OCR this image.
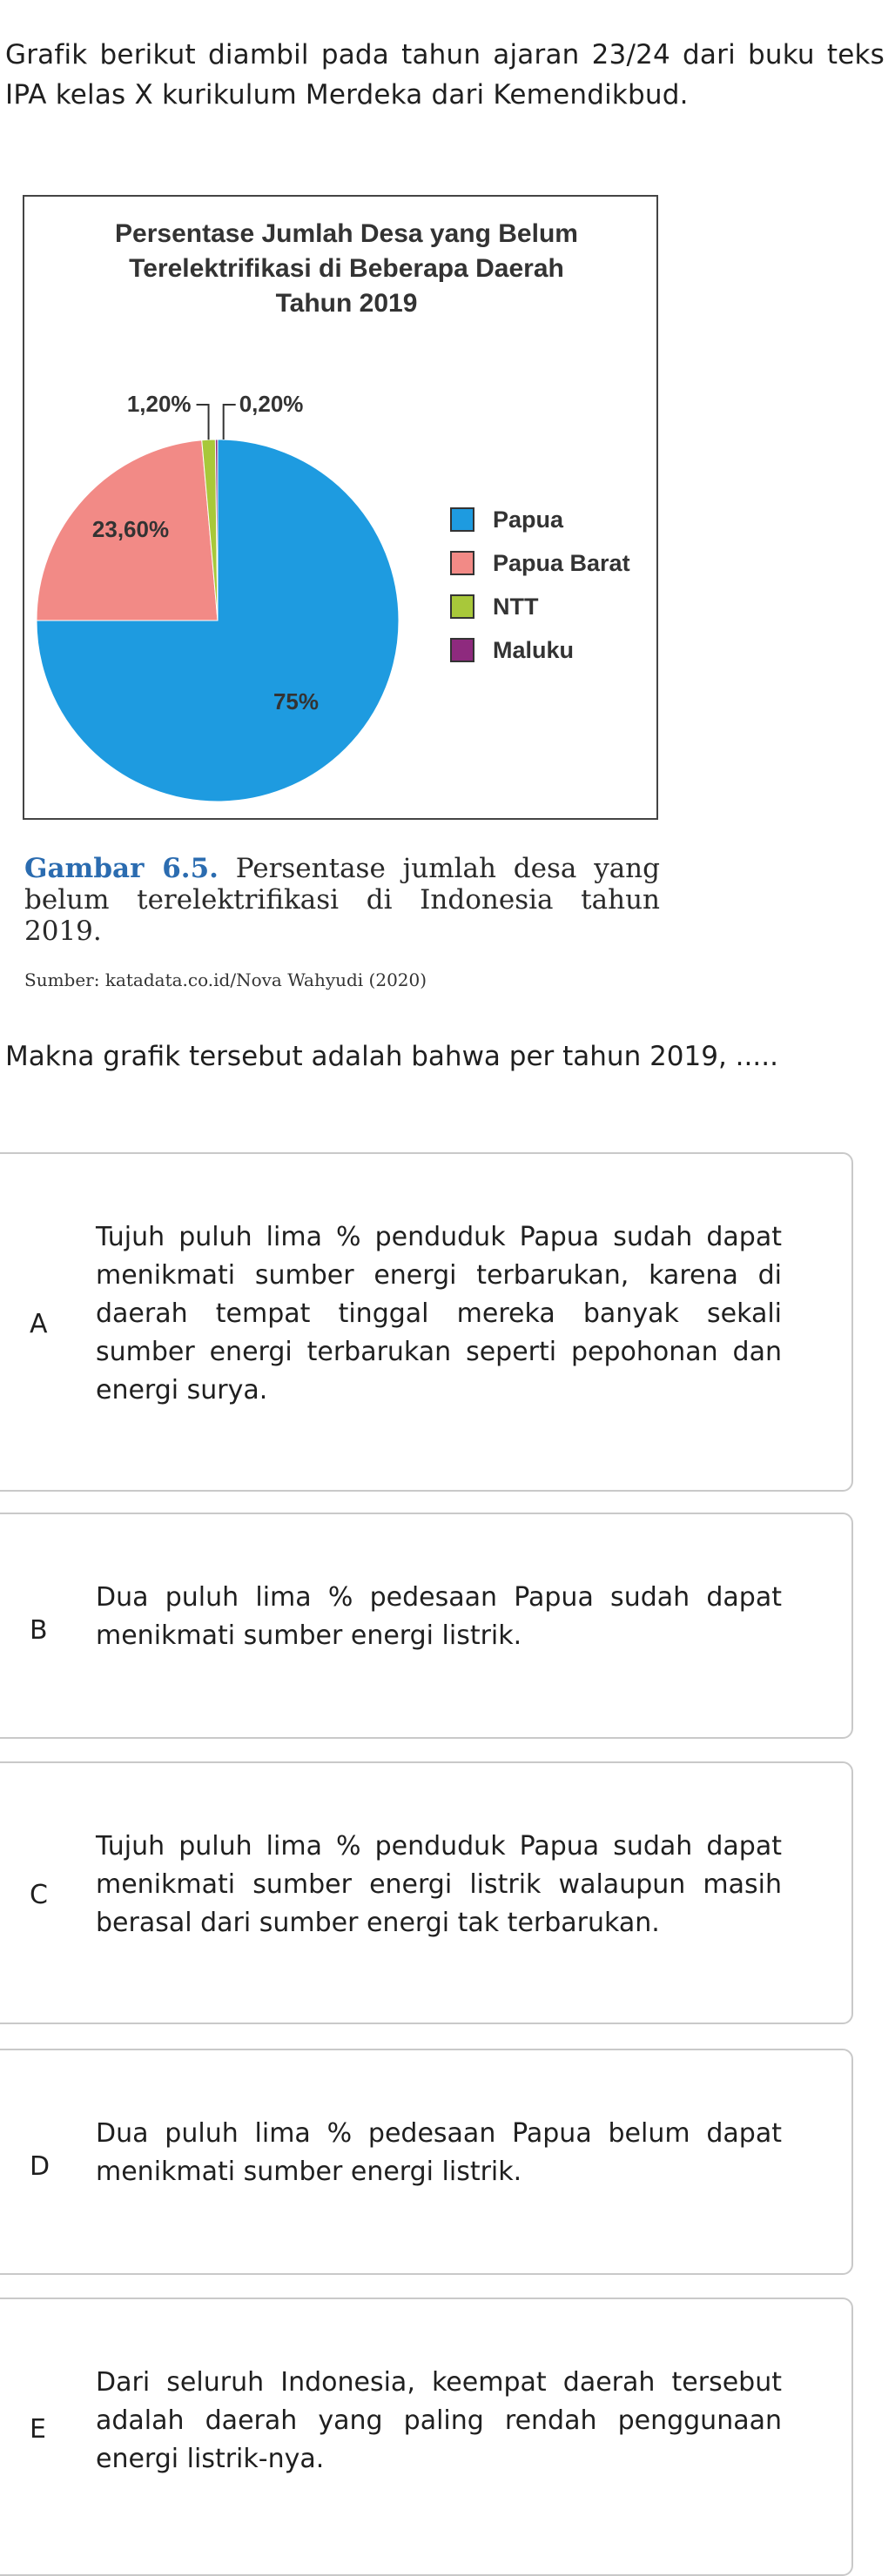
Grafik berikut diambil pada tahun ajaran 23/24 dari buku teks IPA kelas X kurikulum Merdeka dari Kemendikbud.
Persentase Jumlah Desa yang Belum
Terelektrifikasi di Beberapa Daerah
Tahun 2019
75%
23,60%
1,20% 0,20%
Papua
Papua Barat
NTT
Maluku
Gambar 6.5. Persentase jumlah desa yang belum terelektrifikasi di Indonesia tahun 2019.
Sumber: katadata.co.id/Nova Wahyudi (2020)
Makna grafik tersebut adalah bahwa per tahun 2019, .....
A
Tujuh puluh lima % penduduk Papua sudah dapat menikmati sumber energi terbarukan, karena di daerah tempat tinggal mereka banyak sekali sumber energi terbarukan seperti pepohonan dan energi surya.
B
Dua puluh lima % pedesaan Papua sudah dapat menikmati sumber energi listrik.
C
Tujuh puluh lima % penduduk Papua sudah dapat menikmati sumber energi listrik walaupun masih berasal dari sumber energi tak terbarukan.
D
Dua puluh lima % pedesaan Papua belum dapat menikmati sumber energi listrik.
E
Dari seluruh Indonesia, keempat daerah tersebut adalah daerah yang paling rendah penggunaan energi listrik-nya.
